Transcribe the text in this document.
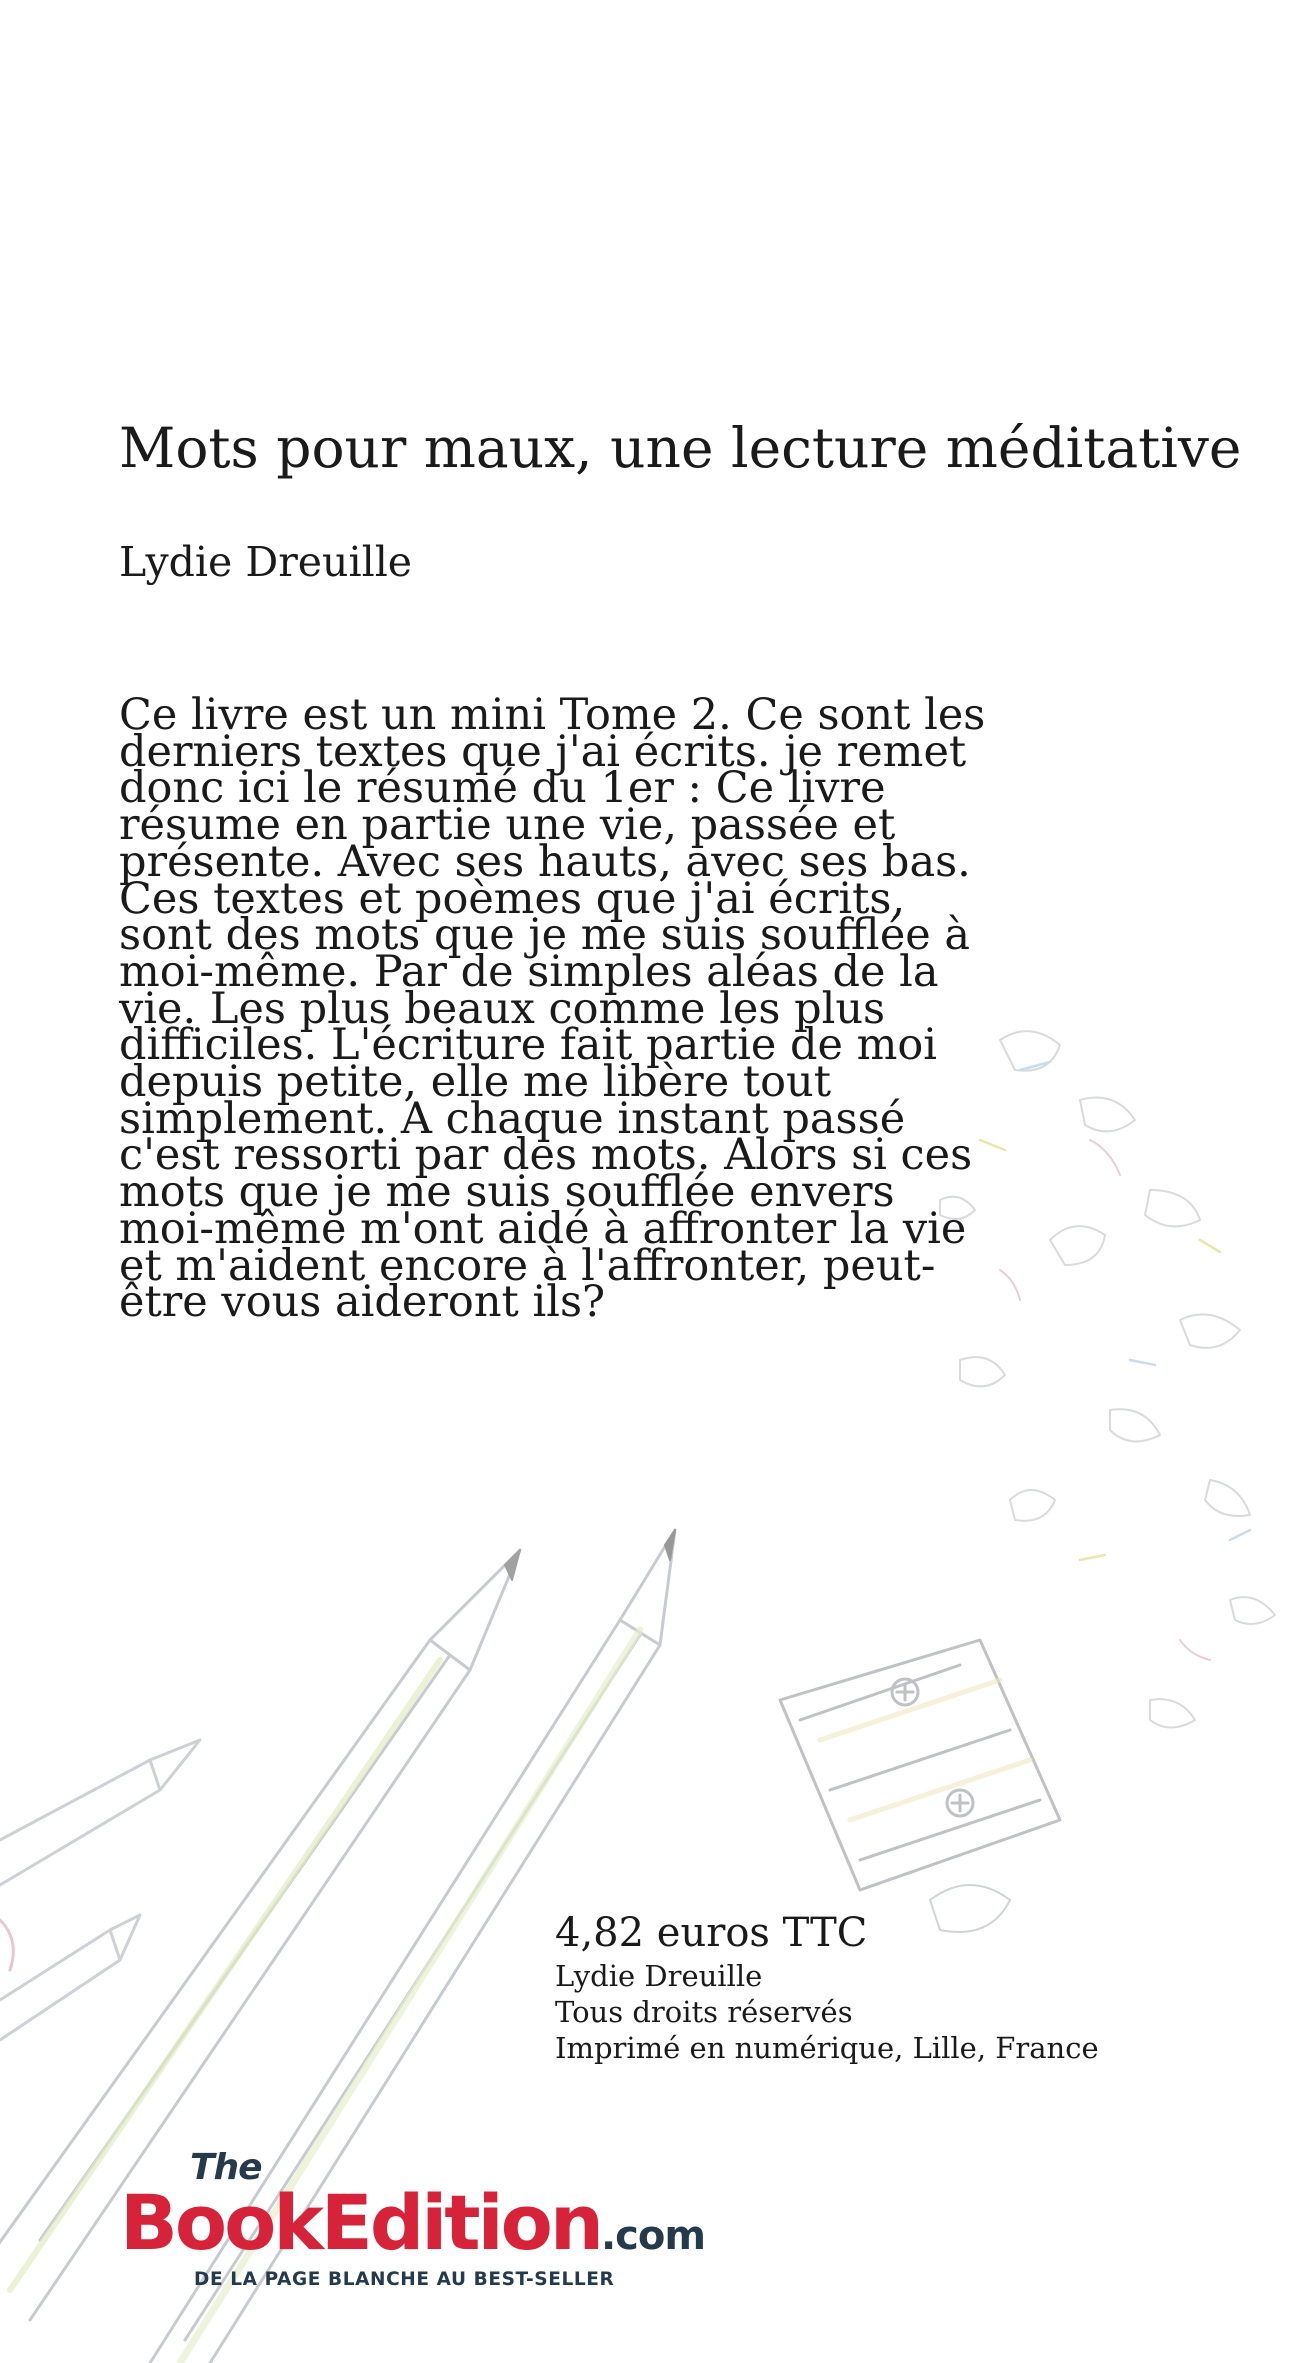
Mots pour maux, une lecture méditative

Lydie Dreuille

Ce livre est un mini Tome 2. Ce sont les derniers textes que j'ai écrits. je remet donc ici le résumé du 1er : Ce livre résume en partie une vie, passée et présente. Avec ses hauts, avec ses bas. Ces textes et poèmes que j'ai écrits, sont des mots que je me suis soufflée à moi-même. Par de simples aléas de la vie. Les plus beaux comme les plus difficiles. L'écriture fait partie de moi depuis petite, elle me libère tout simplement. A chaque instant passé c'est ressorti par des mots. Alors si ces mots que je me suis soufflée envers moi-même m'ont aidé à affronter la vie et m'aident encore à l'affronter, peut-être vous aideront ils?

4,82 euros TTC

Lydie Dreuille

Tous droits réservés

Imprimé en numérique, Lille, France

The
BookEdition.com
DE LA PAGE BLANCHE AU BEST-SELLER
